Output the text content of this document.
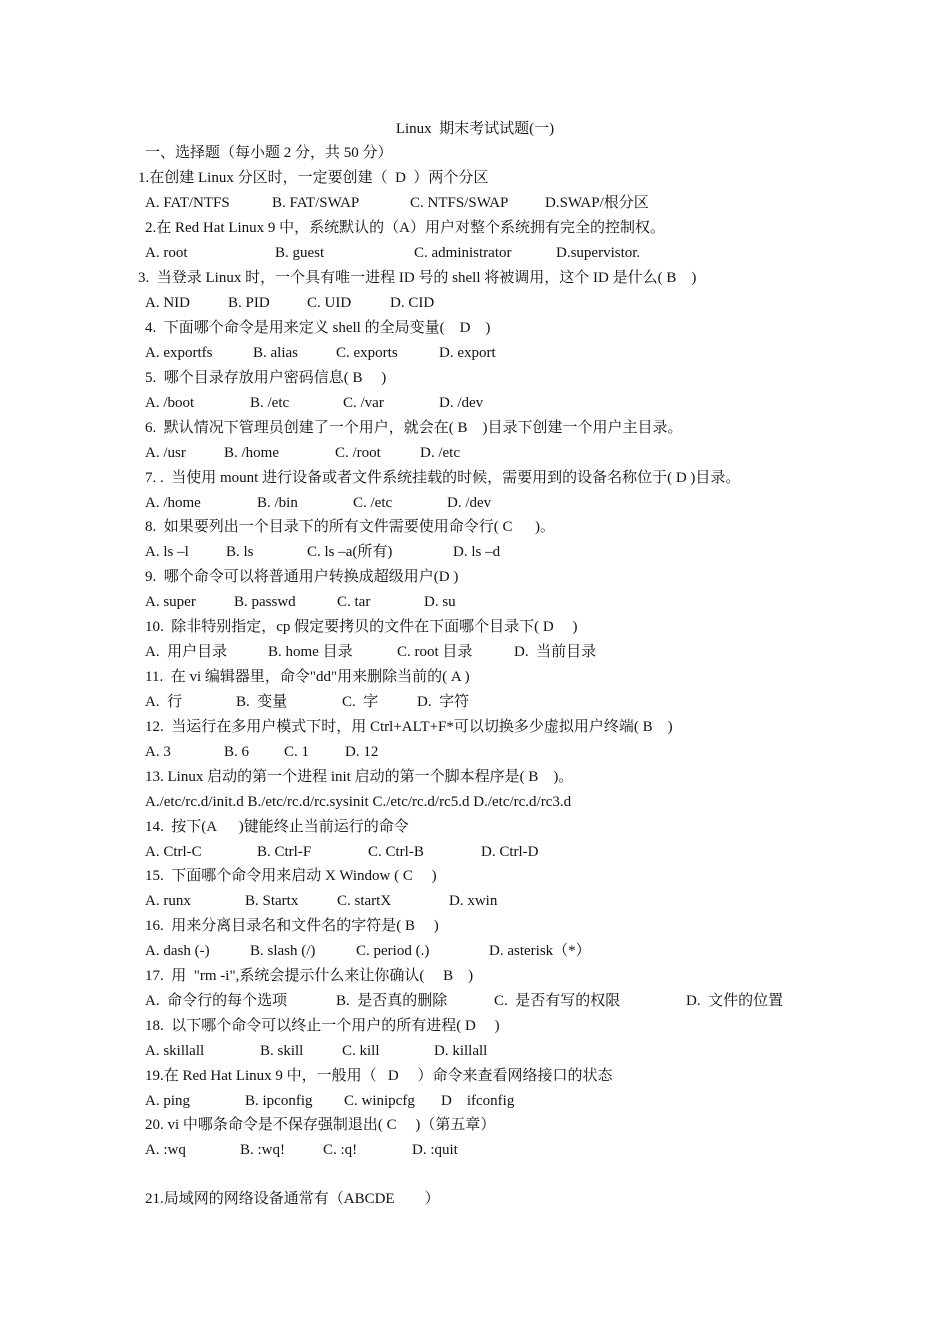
Linux  期末考试试题(一)
一、选择题（每小题 2 分，共 50 分）
1.在创建 Linux 分区时，一定要创建（  D  ）两个分区
A. FAT/NTFS	B. FAT/SWAP	C. NTFS/SWAP D.SWAP/根分区
2.在 Red Hat Linux 9 中，系统默认的（A）用户对整个系统拥有完全的控制权。
A. root	B. guest	C. administrator	D.supervistor.
3.  当登录 Linux 时，一个具有唯一进程 ID 号的 shell 将被调用，这个 ID 是什么( B    )
A. NID	B. PID C. UID	D. CID
4.  下面哪个命令是用来定义 shell 的全局变量(    D    )
A. exportfs	B. alias	C. exports	D. export
5.  哪个目录存放用户密码信息( B     )
A. /boot	B. /etc	C. /var	D. /dev
6.  默认情况下管理员创建了一个用户，就会在( B    )目录下创建一个用户主目录。
A. /usr	B. /home	C. /root	D. /etc
7. .  当使用 mount 进行设备或者文件系统挂载的时候，需要用到的设备名称位于( D )目录。
A. /home	B. /bin	C. /etc	D. /dev
8.  如果要列出一个目录下的所有文件需要使用命令行( C      )。
A. ls –l B. ls	C. ls –a(所有)	D. ls –d
9.  哪个命令可以将普通用户转换成超级用户(D )
A. super	B. passwd	C. tar	D. su
10.  除非特别指定，cp 假定要拷贝的文件在下面哪个目录下( D     )
A.  用户目录	B. home 目录	C. root 目录	D.  当前目录
11.  在 vi 编辑器里，命令"dd"用来删除当前的( A )
A.  行	B.  变量	C.  字	D.  字符
12.  当运行在多用户模式下时，用 Ctrl+ALT+F*可以切换多少虚拟用户终端( B    )
A. 3	B. 6 C. 1 D. 12
13. Linux 启动的第一个进程 init 启动的第一个脚本程序是( B    )。
A./etc/rc.d/init.d B./etc/rc.d/rc.sysinit C./etc/rc.d/rc5.d D./etc/rc.d/rc3.d
14.  按下(A      )键能终止当前运行的命令
A. Ctrl-C	B. Ctrl-F	C. Ctrl-B	D. Ctrl-D
15.  下面哪个命令用来启动 X Window ( C     )
A. runx	B. Startx	C. startX	D. xwin
16.  用来分离目录名和文件名的字符是( B     )
A. dash (-)	B. slash (/)	C. period (.)	D. asterisk（*）
17.  用  "rm -i",系统会提示什么来让你确认(     B    )
A.  命令行的每个选项	B.  是否真的删除	C.  是否有写的权限	D.  文件的位置
18.  以下哪个命令可以终止一个用户的所有进程( D     )
A. skillall	B. skill	C. kill	D. killall
19.在 Red Hat Linux 9 中，一般用（   D     ）命令来查看网络接口的状态
A. ping	B. ipconfig C. winipcfg D    ifconfig
20. vi 中哪条命令是不保存强制退出( C     )（第五章）
A. :wq	B. :wq!	C. :q!	D. :quit
21.局域网的网络设备通常有（ABCDE        ）
